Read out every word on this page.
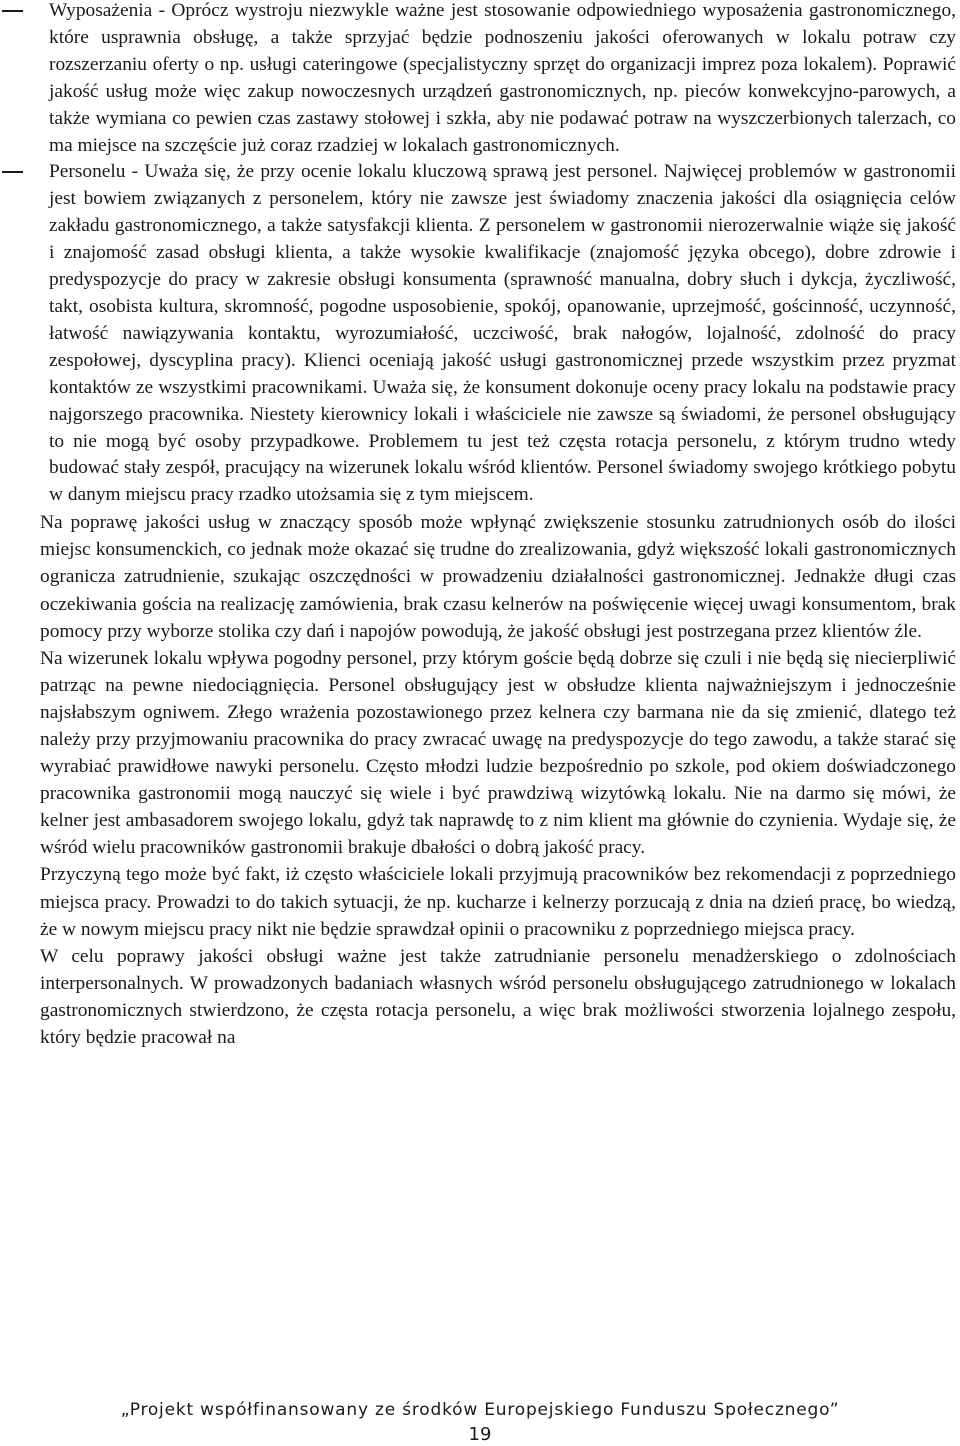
Wyposażenia - Oprócz wystroju niezwykle ważne jest stosowanie odpowiedniego wyposażenia gastronomicznego, które usprawnia obsługę, a także sprzyjać będzie podnoszeniu jakości oferowanych w lokalu potraw czy rozszerzaniu oferty o np. usługi cateringowe (specjalistyczny sprzęt do organizacji imprez poza lokalem). Poprawić jakość usług może więc zakup nowoczesnych urządzeń gastronomicznych, np. pieców konwekcyjno-parowych, a także wymiana co pewien czas zastawy stołowej i szkła, aby nie podawać potraw na wyszczerbionych talerzach, co ma miejsce na szczęście już coraz rzadziej w lokalach gastronomicznych.
Personelu - Uważa się, że przy ocenie lokalu kluczową sprawą jest personel. Najwięcej problemów w gastronomii jest bowiem związanych z personelem, który nie zawsze jest świadomy znaczenia jakości dla osiągnięcia celów zakładu gastronomicznego, a także satysfakcji klienta. Z personelem w gastronomii nierozerwalnie wiąże się jakość i znajomość zasad obsługi klienta, a także wysokie kwalifikacje (znajomość języka obcego), dobre zdrowie i predyspozycje do pracy w zakresie obsługi konsumenta (sprawność manualna, dobry słuch i dykcja, życzliwość, takt, osobista kultura, skromność, pogodne usposobienie, spokój, opanowanie, uprzejmość, gościnność, uczynność, łatwość nawiązywania kontaktu, wyrozumiałość, uczciwość, brak nałogów, lojalność, zdolność do pracy zespołowej, dyscyplina pracy). Klienci oceniają jakość usługi gastronomicznej przede wszystkim przez pryzmat kontaktów ze wszystkimi pracownikami. Uważa się, że konsument dokonuje oceny pracy lokalu na podstawie pracy najgorszego pracownika. Niestety kierownicy lokali i właściciele nie zawsze są świadomi, że personel obsługujący to nie mogą być osoby przypadkowe. Problemem tu jest też częsta rotacja personelu, z którym trudno wtedy budować stały zespół, pracujący na wizerunek lokalu wśród klientów. Personel świadomy swojego krótkiego pobytu w danym miejscu pracy rzadko utożsamia się z tym miejscem.

Na poprawę jakości usług w znaczący sposób może wpłynąć zwiększenie stosunku zatrudnionych osób do ilości miejsc konsumenckich, co jednak może okazać się trudne do zrealizowania, gdyż większość lokali gastronomicznych ogranicza zatrudnienie, szukając oszczędności w prowadzeniu działalności gastronomicznej. Jednakże długi czas oczekiwania gościa na realizację zamówienia, brak czasu kelnerów na poświęcenie więcej uwagi konsumentom, brak pomocy przy wyborze stolika czy dań i napojów powodują, że jakość obsługi jest postrzegana przez klientów źle.

Na wizerunek lokalu wpływa pogodny personel, przy którym goście będą dobrze się czuli i nie będą się niecierpliwić patrząc na pewne niedociągnięcia. Personel obsługujący jest w obsłudze klienta najważniejszym i jednocześnie najsłabszym ogniwem. Złego wrażenia pozostawionego przez kelnera czy barmana nie da się zmienić, dlatego też należy przy przyjmowaniu pracownika do pracy zwracać uwagę na predyspozycje do tego zawodu, a także starać się wyrabiać prawidłowe nawyki personelu. Często młodzi ludzie bezpośrednio po szkole, pod okiem doświadczonego pracownika gastronomii mogą nauczyć się wiele i być prawdziwą wizytówką lokalu. Nie na darmo się mówi, że kelner jest ambasadorem swojego lokalu, gdyż tak naprawdę to z nim klient ma głównie do czynienia. Wydaje się, że wśród wielu pracowników gastronomii brakuje dbałości o dobrą jakość pracy.

Przyczyną tego może być fakt, iż często właściciele lokali przyjmują pracowników bez rekomendacji z poprzedniego miejsca pracy. Prowadzi to do takich sytuacji, że np. kucharze i kelnerzy porzucają z dnia na dzień pracę, bo wiedzą, że w nowym miejscu pracy nikt nie będzie sprawdzał opinii o pracowniku z poprzedniego miejsca pracy.

W celu poprawy jakości obsługi ważne jest także zatrudnianie personelu menadżerskiego o zdolnościach interpersonalnych. W prowadzonych badaniach własnych wśród personelu obsługującego zatrudnionego w lokalach gastronomicznych stwierdzono, że częsta rotacja personelu, a więc brak możliwości stworzenia lojalnego zespołu, który będzie pracował na

„Projekt współfinansowany ze środków Europejskiego Funduszu Społecznego”
19
